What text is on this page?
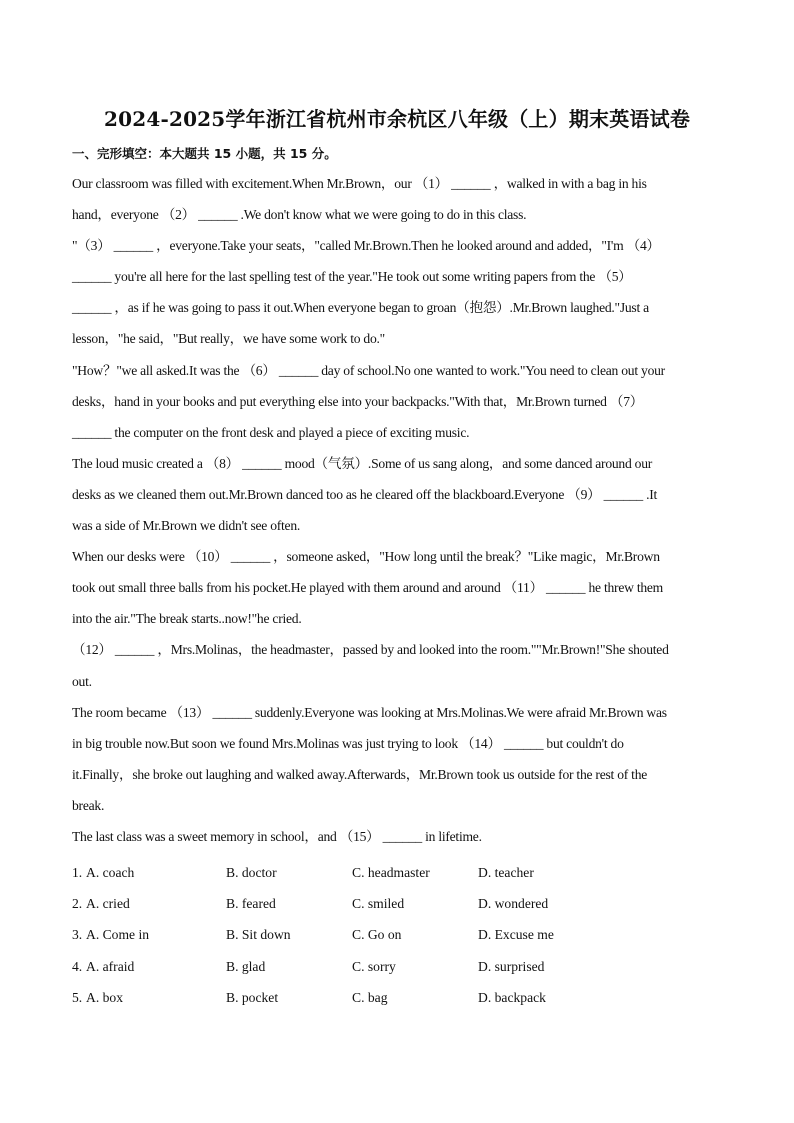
2024-2025学年浙江省杭州市余杭区八年级（上）期末英语试卷
一、完形填空：本大题共 15 小题，共 15 分。
Our classroom was filled with excitement.When Mr.Brown，our （1） ______ ，walked in with a bag in his
hand，everyone （2） ______ .We don't know what we were going to do in this class.
"（3） ______ ，everyone.Take your seats，"called Mr.Brown.Then he looked around and added，"I'm （4）
______ you're all here for the last spelling test of the year."He took out some writing papers from the （5）
______ ，as if he was going to pass it out.When everyone began to groan（抱怨）.Mr.Brown laughed."Just a
lesson，"he said，"But really，we have some work to do."
"How？"we all asked.It was the （6） ______ day of school.No one wanted to work."You need to clean out your
desks，hand in your books and put everything else into your backpacks."With that，Mr.Brown turned （7）
______ the computer on the front desk and played a piece of exciting music.
The loud music created a （8） ______ mood（气氛）.Some of us sang along，and some danced around our
desks as we cleaned them out.Mr.Brown danced too as he cleared off the blackboard.Everyone （9） ______ .It
was a side of Mr.Brown we didn't see often.
When our desks were （10） ______ ，someone asked，"How long until the break？"Like magic，Mr.Brown
took out small three balls from his pocket.He played with them around and around （11） ______ he threw them
into the air."The break starts..now!"he cried.
（12） ______ ，Mrs.Molinas，the headmaster，passed by and looked into the room.""Mr.Brown!"She shouted
out.
The room became （13） ______ suddenly.Everyone was looking at Mrs.Molinas.We were afraid Mr.Brown was
in big trouble now.But soon we found Mrs.Molinas was just trying to look （14） ______ but couldn't do
it.Finally，she broke out laughing and walked away.Afterwards，Mr.Brown took us outside for the rest of the
break.
The last class was a sweet memory in school，and （15） ______ in lifetime.
1. A. coach	B. doctor	C. headmaster	D. teacher
2. A. cried	B. feared	C. smiled	D. wondered
3. A. Come in	B. Sit down	C. Go on	D. Excuse me
4. A. afraid	B. glad	C. sorry	D. surprised
5. A. box	B. pocket	C. bag	D. backpack
